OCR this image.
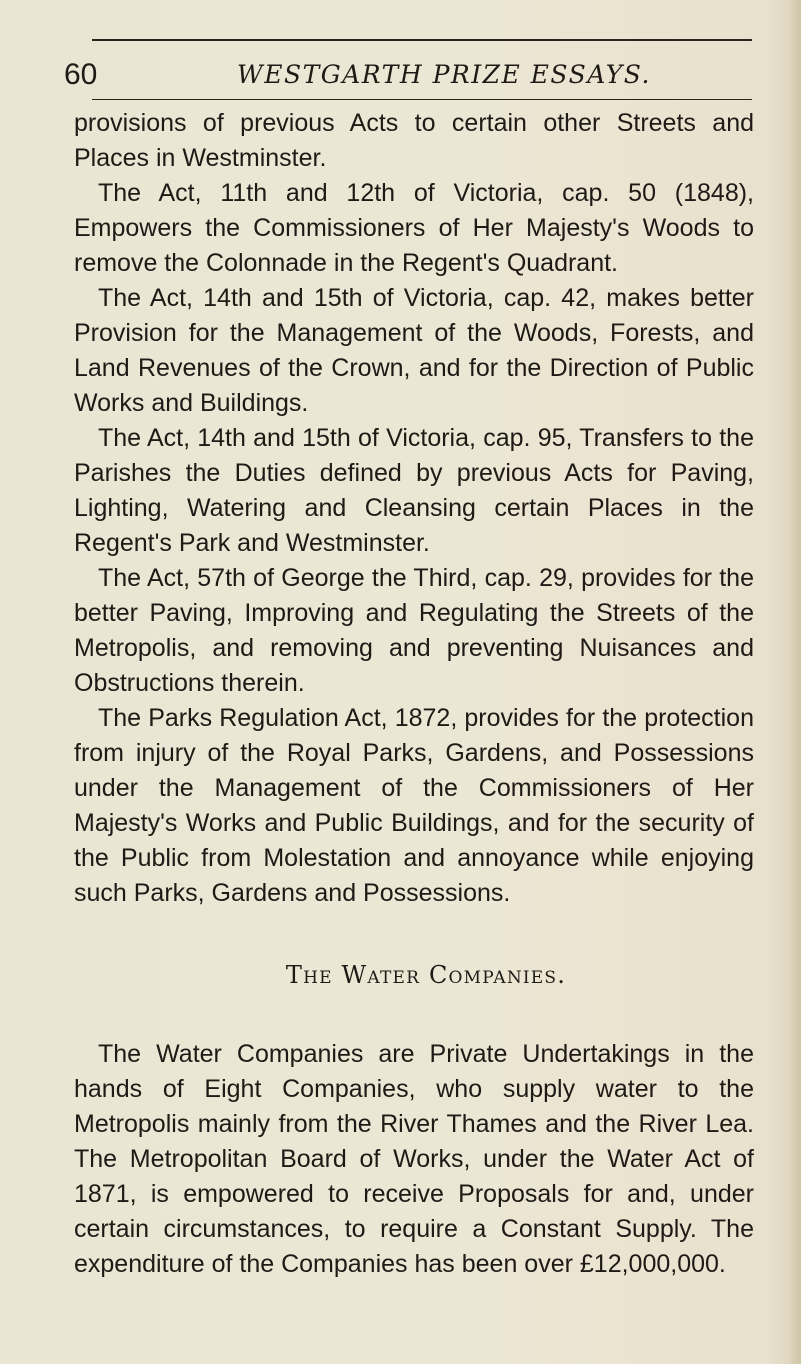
60	WESTGARTH PRIZE ESSAYS.

provisions of previous Acts to certain other Streets and Places in Westminster.

The Act, 11th and 12th of Victoria, cap. 50 (1848), Empowers the Commissioners of Her Majesty's Woods to remove the Colonnade in the Regent's Quadrant.

The Act, 14th and 15th of Victoria, cap. 42, makes better Provision for the Management of the Woods, Forests, and Land Revenues of the Crown, and for the Direction of Public Works and Buildings.

The Act, 14th and 15th of Victoria, cap. 95, Transfers to the Parishes the Duties defined by previous Acts for Paving, Lighting, Watering and Cleansing certain Places in the Regent's Park and Westminster.

The Act, 57th of George the Third, cap. 29, provides for the better Paving, Improving and Regulating the Streets of the Metropolis, and removing and preventing Nuisances and Obstructions therein.

The Parks Regulation Act, 1872, provides for the protection from injury of the Royal Parks, Gardens, and Possessions under the Management of the Commissioners of Her Majesty's Works and Public Buildings, and for the security of the Public from Molestation and annoyance while enjoying such Parks, Gardens and Possessions.

The Water Companies.

The Water Companies are Private Undertakings in the hands of Eight Companies, who supply water to the Metropolis mainly from the River Thames and the River Lea. The Metropolitan Board of Works, under the Water Act of 1871, is empowered to receive Proposals for and, under certain circumstances, to require a Constant Supply. The expenditure of the Companies has been over £12,000,000.
